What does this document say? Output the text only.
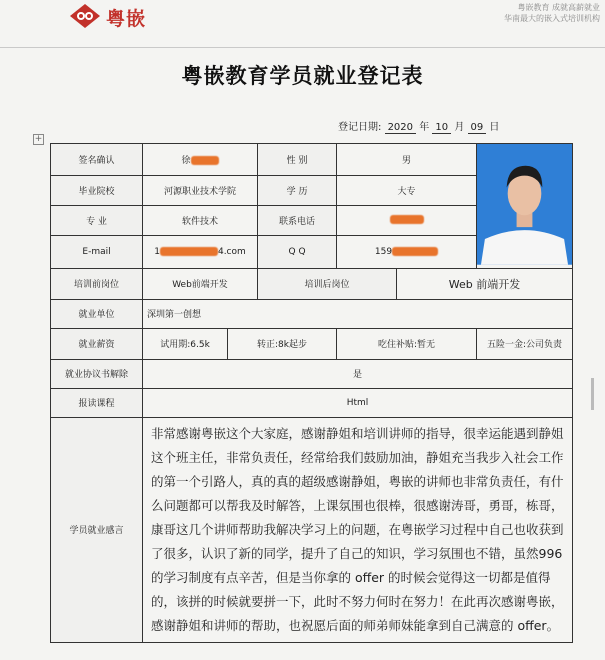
粤嵌
粤嵌教育 成就高薪就业
华南最大的嵌入式培训机构
粤嵌教育学员就业登记表
登记日期: 2020 年 10 月 09 日
+
签名确认	徐		性 别	男	
毕业院校	河源职业技术学院		学 历	大专		
专 业	软件技术		联系电话			
E-mail	1 4.com		Q Q	159		
培训前岗位	Web前端开发		培训后岗位		Web 前端开发	
就业单位	深圳第一创想					
就业薪资	试用期:6.5k	转正:8k起步		吃住补贴:暂无		五险一金:公司负责
就业协议书解除	是					
报读课程	Html					
学员就业感言	非常感谢粤嵌这个大家庭，感谢静姐和培训讲师的指导，很幸运能遇到静姐这个班主任，非常负责任，经常给我们鼓励加油，静姐充当我步入社会工作的第一个引路人，真的真的超级感谢静姐，粤嵌的讲师也非常负责任，有什么问题都可以帮我及时解答，上课氛围也很棒，很感谢涛哥，勇哥，栋哥，康哥这几个讲师帮助我解决学习上的问题，在粤嵌学习过程中自己也收获到了很多，认识了新的同学，提升了自己的知识，学习氛围也不错，虽然996的学习制度有点辛苦，但是当你拿的 offer 的时候会觉得这一切都是值得的，该拼的时候就要拼一下，此时不努力何时在努力！在此再次感谢粤嵌，感谢静姐和讲师的帮助，也祝愿后面的师弟师妹能拿到自己满意的 offer。					
